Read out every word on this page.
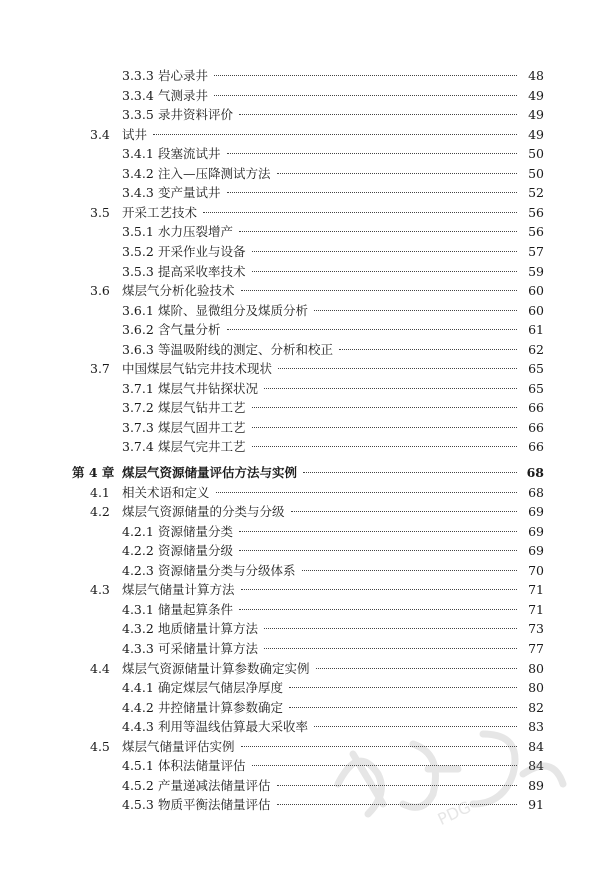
3.3.3 岩心录井	48
3.3.4 气测录井	49
3.3.5 录井资料评价	49
3.4 试井	49
3.4.1 段塞流试井	50
3.4.2 注入—压降测试方法	50
3.4.3 变产量试井	52
3.5 开采工艺技术	56
3.5.1 水力压裂增产	56
3.5.2 开采作业与设备	57
3.5.3 提高采收率技术	59
3.6 煤层气分析化验技术	60
3.6.1 煤阶、显微组分及煤质分析	60
3.6.2 含气量分析	61
3.6.3 等温吸附线的测定、分析和校正	62
3.7 中国煤层气钻完井技术现状	65
3.7.1 煤层气井钻探状况	65
3.7.2 煤层气钻井工艺	66
3.7.3 煤层气固井工艺	66
3.7.4 煤层气完井工艺	66
第 4 章 煤层气资源储量评估方法与实例	68
4.1 相关术语和定义	68
4.2 煤层气资源储量的分类与分级	69
4.2.1 资源储量分类	69
4.2.2 资源储量分级	69
4.2.3 资源储量分类与分级体系	70
4.3 煤层气储量计算方法	71
4.3.1 储量起算条件	71
4.3.2 地质储量计算方法	73
4.3.3 可采储量计算方法	77
4.4 煤层气资源储量计算参数确定实例	80
4.4.1 确定煤层气储层净厚度	80
4.4.2 井控储量计算参数确定	82
4.4.3 利用等温线估算最大采收率	83
4.5 煤层气储量评估实例	84
4.5.1 体积法储量评估	84
4.5.2 产量递减法储量评估	89
4.5.3 物质平衡法储量评估	91
PDG
